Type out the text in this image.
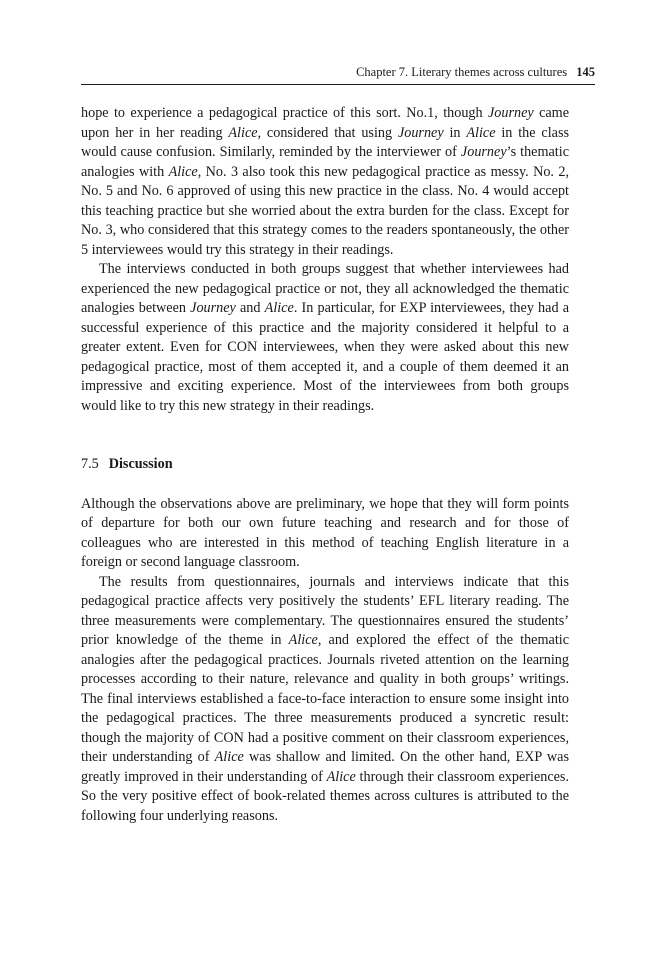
Chapter 7. Literary themes across cultures 145

hope to experience a pedagogical practice of this sort. No.1, though Journey came upon her in her reading Alice, considered that using Journey in Alice in the class would cause confusion. Similarly, reminded by the interviewer of Journey’s thematic analogies with Alice, No. 3 also took this new pedagogical practice as messy. No. 2, No. 5 and No. 6 approved of using this new practice in the class. No. 4 would accept this teaching practice but she worried about the extra burden for the class. Except for No. 3, who considered that this strategy comes to the readers spontaneously, the other 5 interviewees would try this strategy in their readings.

The interviews conducted in both groups suggest that whether interviewees had experienced the new pedagogical practice or not, they all acknowledged the thematic analogies between Journey and Alice. In particular, for EXP interviewees, they had a successful experience of this practice and the majority considered it helpful to a greater extent. Even for CON interviewees, when they were asked about this new pedagogical practice, most of them accepted it, and a couple of them deemed it an impressive and exciting experience. Most of the interviewees from both groups would like to try this new strategy in their readings.

7.5 Discussion

Although the observations above are preliminary, we hope that they will form points of departure for both our own future teaching and research and for those of colleagues who are interested in this method of teaching English literature in a foreign or second language classroom.

The results from questionnaires, journals and interviews indicate that this pedagogical practice affects very positively the students’ EFL literary reading. The three measurements were complementary. The questionnaires ensured the students’ prior knowledge of the theme in Alice, and explored the effect of the thematic analogies after the pedagogical practices. Journals riveted attention on the learning processes according to their nature, relevance and quality in both groups’ writings. The final interviews established a face-to-face interaction to ensure some insight into the pedagogical practices. The three measurements produced a syncretic result: though the majority of CON had a positive comment on their classroom experiences, their understanding of Alice was shallow and limited. On the other hand, EXP was greatly improved in their understanding of Alice through their classroom experiences. So the very positive effect of book-related themes across cultures is attributed to the following four underlying reasons.
